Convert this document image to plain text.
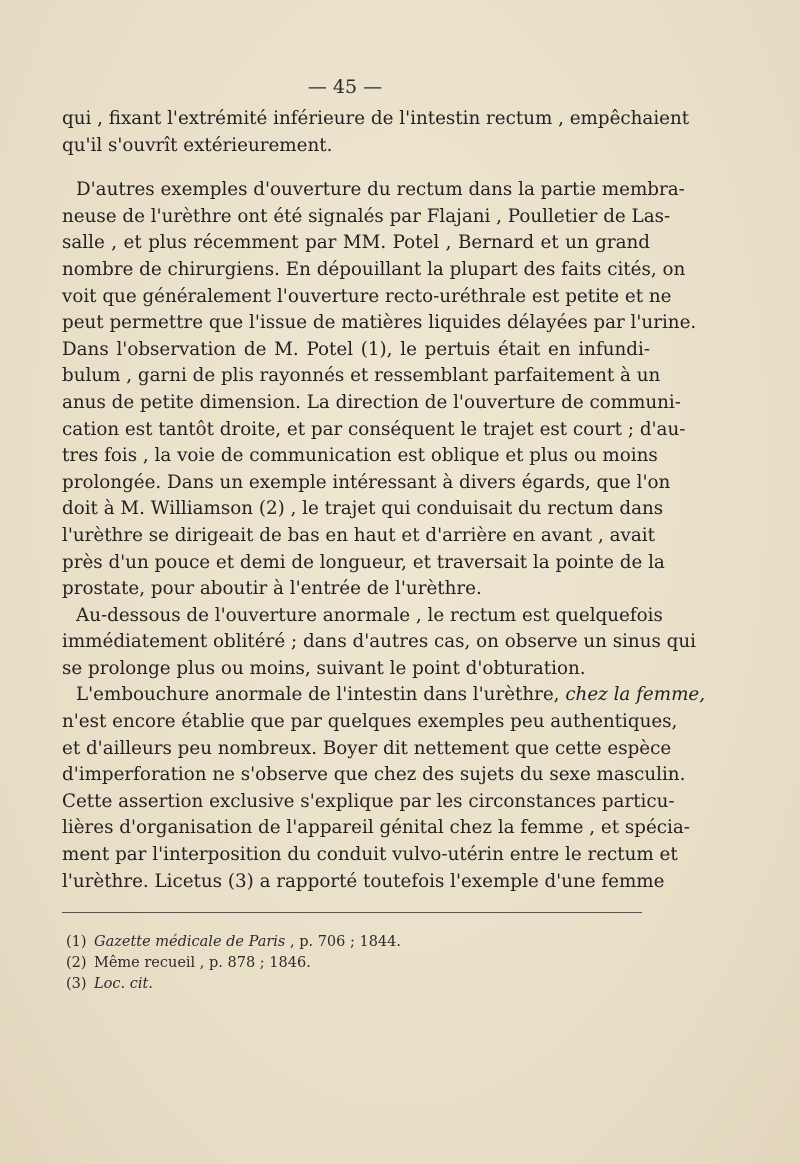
— 45 —
qui , fixant l'extrémité inférieure de l'intestin rectum , empêchaient
qu'il s'ouvrît extérieurement.
D'autres exemples d'ouverture du rectum dans la partie membra-
neuse de l'urèthre ont été signalés par Flajani , Poulletier de Las-
salle , et plus récemment par MM. Potel , Bernard et un grand
nombre de chirurgiens. En dépouillant la plupart des faits cités, on
voit que généralement l'ouverture recto-uréthrale est petite et ne
peut permettre que l'issue de matières liquides délayées par l'urine.
Dans l'observation de M. Potel (1), le pertuis était en infundi-
bulum , garni de plis rayonnés et ressemblant parfaitement à un
anus de petite dimension. La direction de l'ouverture de communi-
cation est tantôt droite, et par conséquent le trajet est court ; d'au-
tres fois , la voie de communication est oblique et plus ou moins
prolongée. Dans un exemple intéressant à divers égards, que l'on
doit à M. Williamson (2) , le trajet qui conduisait du rectum dans
l'urèthre se dirigeait de bas en haut et d'arrière en avant , avait
près d'un pouce et demi de longueur, et traversait la pointe de la
prostate, pour aboutir à l'entrée de l'urèthre.
Au-dessous de l'ouverture anormale , le rectum est quelquefois
immédiatement oblitéré ; dans d'autres cas, on observe un sinus qui
se prolonge plus ou moins, suivant le point d'obturation.
L'embouchure anormale de l'intestin dans l'urèthre, chez la femme,
n'est encore établie que par quelques exemples peu authentiques,
et d'ailleurs peu nombreux. Boyer dit nettement que cette espèce
d'imperforation ne s'observe que chez des sujets du sexe masculin.
Cette assertion exclusive s'explique par les circonstances particu-
lières d'organisation de l'appareil génital chez la femme , et spécia-
ment par l'interposition du conduit vulvo-utérin entre le rectum et
l'urèthre. Licetus (3) a rapporté toutefois l'exemple d'une femme
(1) Gazette médicale de Paris , p. 706 ; 1844.
(2) Même recueil , p. 878 ; 1846.
(3) Loc. cit.
